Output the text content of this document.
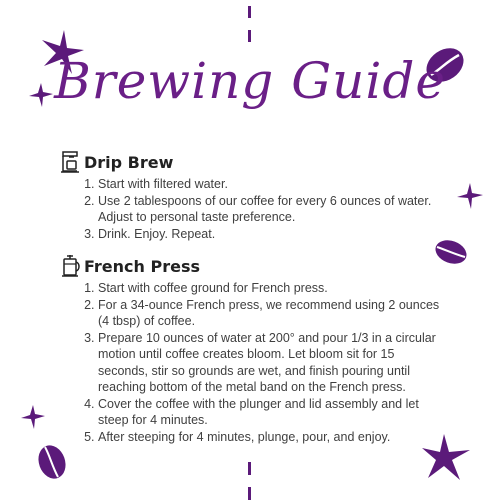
Brewing Guide
Drip Brew
1. Start with filtered water.
2. Use 2 tablespoons of our coffee for every 6 ounces of water. Adjust to personal taste preference.
3. Drink. Enjoy. Repeat.
French Press
1. Start with coffee ground for French press.
2. For a 34-ounce French press, we recommend using 2 ounces (4 tbsp) of coffee.
3. Prepare 10 ounces of water at 200° and pour 1/3 in a circular motion until coffee creates bloom. Let bloom sit for 15 seconds, stir so grounds are wet, and finish pouring until reaching bottom of the metal band on the French press.
4. Cover the coffee with the plunger and lid assembly and let steep for 4 minutes.
5. After steeping for 4 minutes, plunge, pour, and enjoy.
